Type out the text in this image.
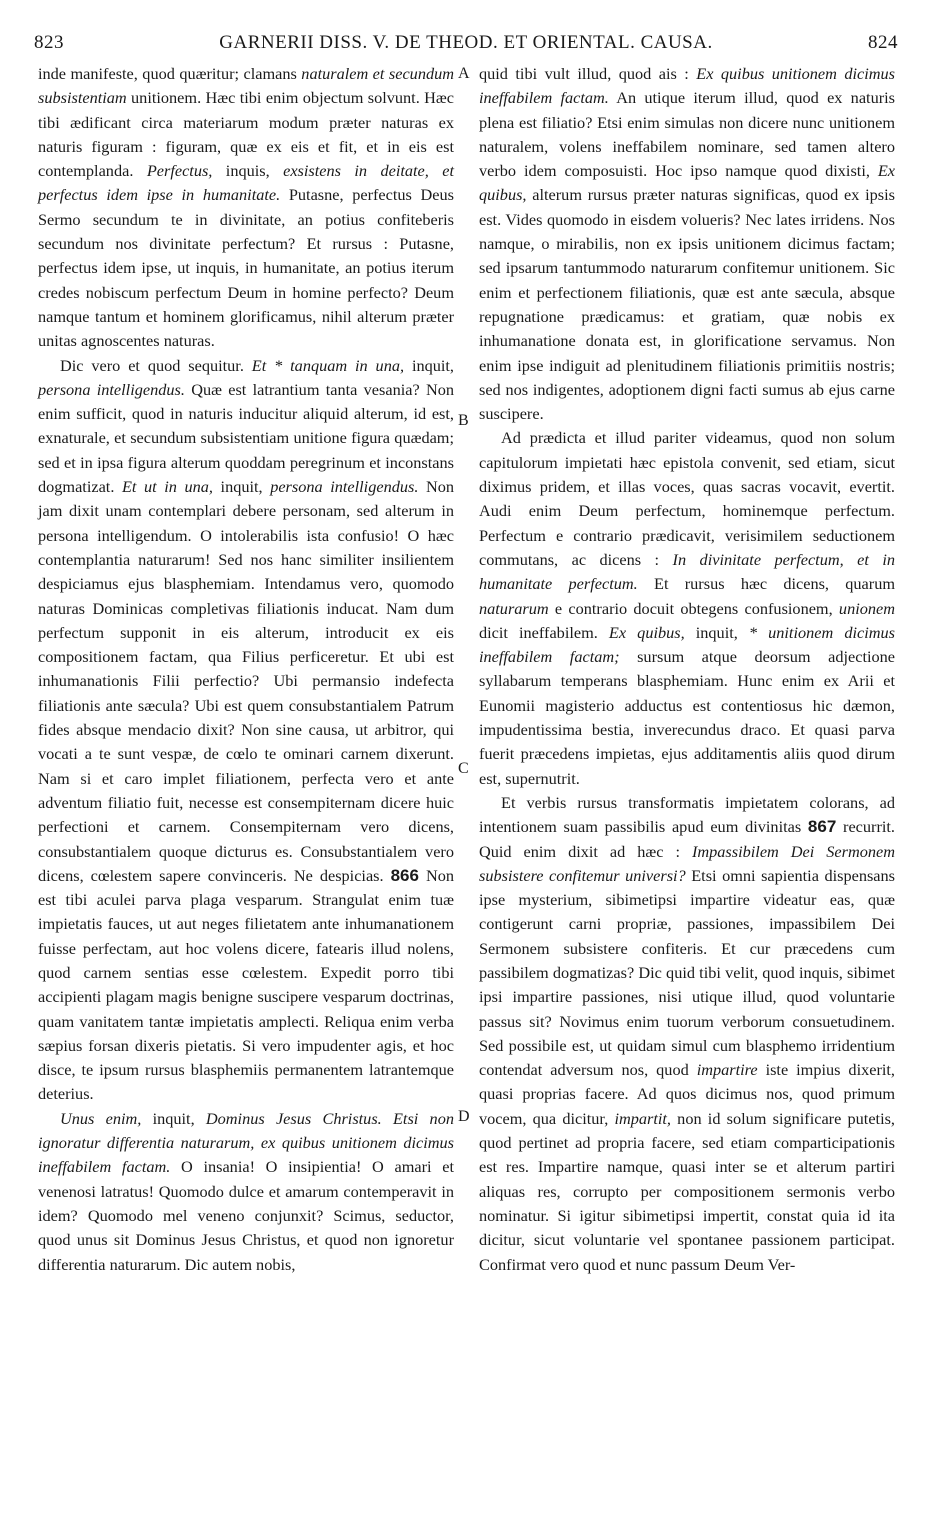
823	GARNERII DISS. V. DE THEOD. ET ORIENTAL. CAUSA.	824
A
B
C
D

inde manifeste, quod quæritur; clamans naturalem et secundum subsistentiam unitionem. Hæc tibi enim objectum solvunt. Hæc tibi ædificant circa materiarum modum præter naturas ex naturis figuram : figuram, quæ ex eis et fit, et in eis est contemplanda. Perfectus, inquis, exsistens in deitate, et perfectus idem ipse in humanitate. Putasne, perfectus Deus Sermo secundum te in divinitate, an potius confiteberis secundum nos divinitate perfectum? Et rursus : Putasne, perfectus idem ipse, ut inquis, in humanitate, an potius iterum credes nobiscum perfectum Deum in homine perfecto? Deum namque tantum et hominem glorificamus, nihil alterum præter unitas agnoscentes naturas.

Dic vero et quod sequitur. Et * tanquam in una, inquit, persona intelligendus. Quæ est latrantium tanta vesania? Non enim sufficit, quod in naturis inducitur aliquid alterum, id est, exnaturale, et secundum subsistentiam unitione figura quædam; sed et in ipsa figura alterum quoddam peregrinum et inconstans dogmatizat. Et ut in una, inquit, persona intelligendus. Non jam dixit unam contemplari debere personam, sed alterum in persona intelligendum. O intolerabilis ista confusio! O hæc contemplantia naturarum! Sed nos hanc similiter insilientem despiciamus ejus blasphemiam. Intendamus vero, quomodo naturas Dominicas completivas filiationis inducat. Nam dum perfectum supponit in eis alterum, introducit ex eis compositionem factam, qua Filius perficeretur. Et ubi est inhumanationis Filii perfectio? Ubi permansio indefecta filiationis ante sæcula? Ubi est quem consubstantialem Patrum fides absque mendacio dixit? Non sine causa, ut arbitror, qui vocati a te sunt vespæ, de cœlo te ominari carnem dixerunt. Nam si et caro implet filiationem, perfecta vero et ante adventum filiatio fuit, necesse est consempiternam dicere huic perfectioni et carnem. Consempiternam vero dicens, consubstantialem quoque dicturus es. Consubstantialem vero dicens, cœlestem sapere convinceris. Ne despicias. 866 Non est tibi aculei parva plaga vesparum. Strangulat enim tuæ impietatis fauces, ut aut neges filietatem ante inhumanationem fuisse perfectam, aut hoc volens dicere, fatearis illud nolens, quod carnem sentias esse cœlestem. Expedit porro tibi accipienti plagam magis benigne suscipere vesparum doctrinas, quam vanitatem tantæ impietatis amplecti. Reliqua enim verba sæpius forsan dixeris pietatis. Si vero impudenter agis, et hoc disce, te ipsum rursus blasphemiis permanentem latrantemque deterius.

Unus enim, inquit, Dominus Jesus Christus. Etsi non ignoratur differentia naturarum, ex quibus unitionem dicimus ineffabilem factam. O insania! O insipientia! O amari et venenosi latratus! Quomodo dulce et amarum contemperavit in idem? Quomodo mel veneno conjunxit? Scimus, seductor, quod unus sit Dominus Jesus Christus, et quod non ignoretur differentia naturarum. Dic autem nobis,

quid tibi vult illud, quod ais : Ex quibus unitionem dicimus ineffabilem factam. An utique iterum illud, quod ex naturis plena est filiatio? Etsi enim simulas non dicere nunc unitionem naturalem, volens ineffabilem nominare, sed tamen altero verbo idem composuisti. Hoc ipso namque quod dixisti, Ex quibus, alterum rursus præter naturas significas, quod ex ipsis est. Vides quomodo in eisdem volueris? Nec lates irridens. Nos namque, o mirabilis, non ex ipsis unitionem dicimus factam; sed ipsarum tantummodo naturarum confitemur unitionem. Sic enim et perfectionem filiationis, quæ est ante sæcula, absque repugnatione prædicamus: et gratiam, quæ nobis ex inhumanatione donata est, in glorificatione servamus. Non enim ipse indiguit ad plenitudinem filiationis primitiis nostris; sed nos indigentes, adoptionem digni facti sumus ab ejus carne suscipere.

Ad prædicta et illud pariter videamus, quod non solum capitulorum impietati hæc epistola convenit, sed etiam, sicut diximus pridem, et illas voces, quas sacras vocavit, evertit. Audi enim Deum perfectum, hominemque perfectum. Perfectum e contrario prædicavit, verisimilem seductionem commutans, ac dicens : In divinitate perfectum, et in humanitate perfectum. Et rursus hæc dicens, quarum naturarum e contrario docuit obtegens confusionem, unionem dicit ineffabilem. Ex quibus, inquit, * unitionem dicimus ineffabilem factam; sursum atque deorsum adjectione syllabarum temperans blasphemiam. Hunc enim ex Arii et Eunomii magisterio adductus est contentiosus hic dæmon, impudentissima bestia, inverecundus draco. Et quasi parva fuerit præcedens impietas, ejus additamentis aliis quod dirum est, supernutrit.

Et verbis rursus transformatis impietatem colorans, ad intentionem suam passibilis apud eum divinitas 867 recurrit. Quid enim dixit ad hæc : Impassibilem Dei Sermonem subsistere confitemur universi? Etsi omni sapientia dispensans ipse mysterium, sibimetipsi impartire videatur eas, quæ contigerunt carni propriæ, passiones, impassibilem Dei Sermonem subsistere confiteris. Et cur præcedens cum passibilem dogmatizas? Dic quid tibi velit, quod inquis, sibimet ipsi impartire passiones, nisi utique illud, quod voluntarie passus sit? Novimus enim tuorum verborum consuetudinem. Sed possibile est, ut quidam simul cum blasphemo irridentium contendat adversum nos, quod impartire iste impius dixerit, quasi proprias facere. Ad quos dicimus nos, quod primum vocem, qua dicitur, impartit, non id solum significare putetis, quod pertinet ad propria facere, sed etiam comparticipationis est res. Impartire namque, quasi inter se et alterum partiri aliquas res, corrupto per compositionem sermonis verbo nominatur. Si igitur sibimetipsi impertit, constat quia id ita dicitur, sicut voluntarie vel spontanee passionem participat. Confirmat vero quod et nunc passum Deum Ver-
